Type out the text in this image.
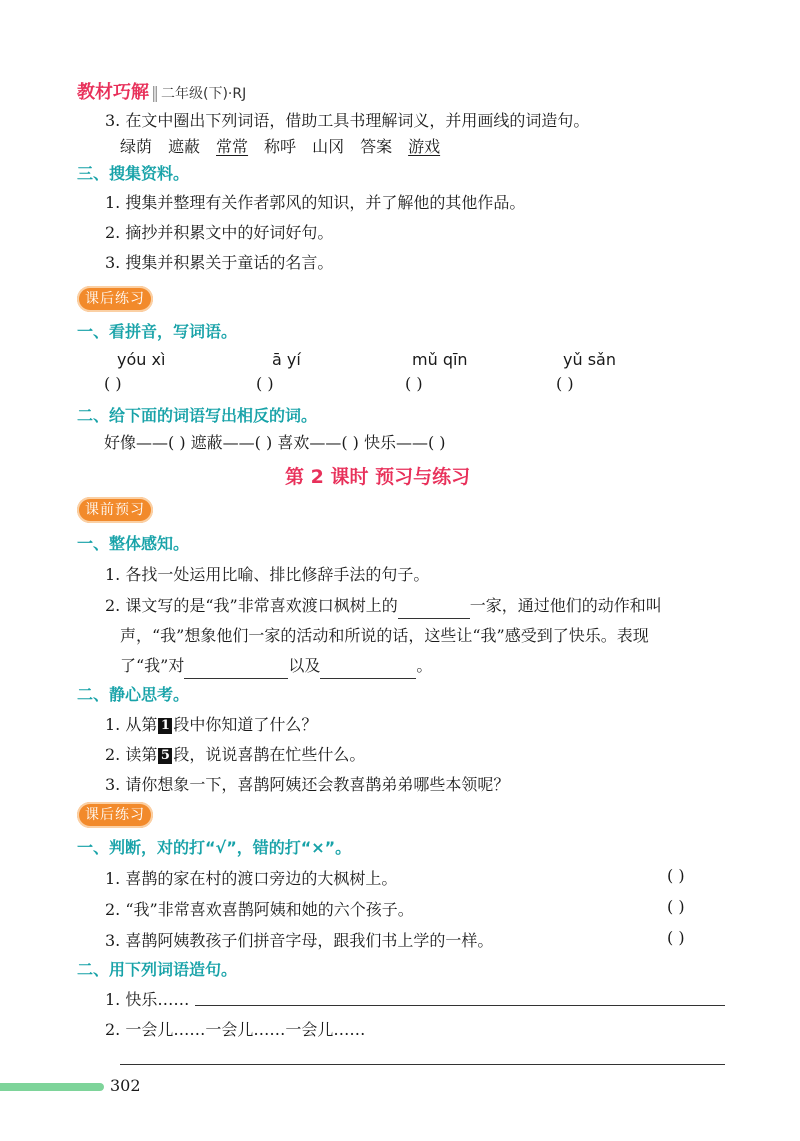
教材巧解 ‖ 二年级(下)·RJ
3. 在文中圈出下列词语，借助工具书理解词义，并用画线的词造句。
绿荫 遮蔽 常常 称呼 山冈 答案 游戏
三、搜集资料。
1. 搜集并整理有关作者郭风的知识，并了解他的其他作品。
2. 摘抄并积累文中的好词好句。
3. 搜集并积累关于童话的名言。
课后练习
一、看拼音，写词语。
yóu xì	ā yí	mǔ qīn	yǔ sǎn
( )	( )	( )	( )
二、给下面的词语写出相反的词。
好像——( ) 遮蔽——( ) 喜欢——( ) 快乐——( )
第 2 课时 预习与练习
课前预习
一、整体感知。
1. 各找一处运用比喻、排比修辞手法的句子。
2. 课文写的是“我”非常喜欢渡口枫树上的	一家，通过他们的动作和叫
声，“我”想象他们一家的活动和所说的话，这些让“我”感受到了快乐。表现
了“我”对	以及	。
二、静心思考。
1. 从第 1 段中你知道了什么？
2. 读第 5 段，说说喜鹊在忙些什么。
3. 请你想象一下，喜鹊阿姨还会教喜鹊弟弟哪些本领呢？
课后练习
一、判断，对的打“√”，错的打“×”。
1. 喜鹊的家在村的渡口旁边的大枫树上。	( )
2. “我”非常喜欢喜鹊阿姨和她的六个孩子。	( )
3. 喜鹊阿姨教孩子们拼音字母，跟我们书上学的一样。	( )
二、用下列词语造句。
1. 快乐……
2. 一会儿……一会儿……一会儿……
302
